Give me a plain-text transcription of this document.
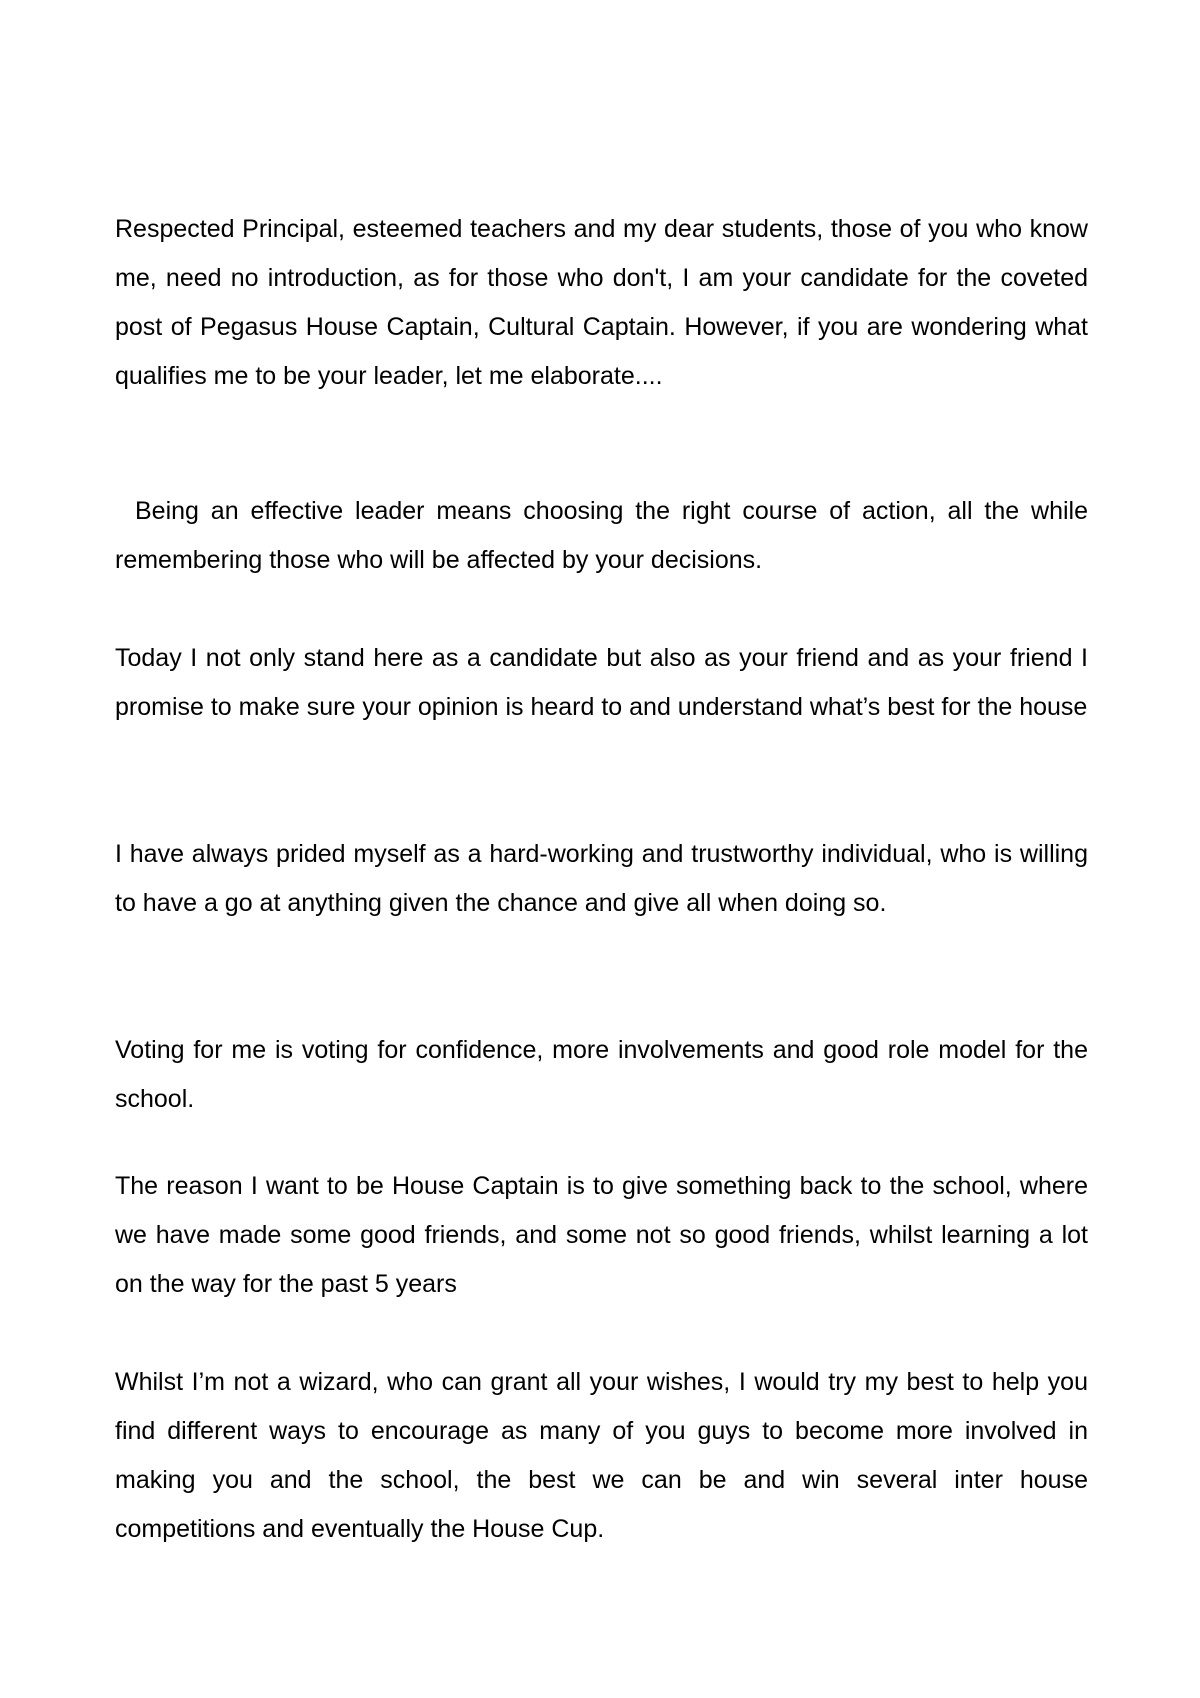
Respected Principal, esteemed teachers and my dear students, those of you who know me, need no introduction, as for those who don't, I am your candidate for the coveted post of Pegasus House Captain, Cultural Captain. However, if you are wondering what qualifies me to be your leader, let me elaborate....

Being an effective leader means choosing the right course of action, all the while remembering those who will be affected by your decisions.

Today I not only stand here as a candidate but also as your friend and as your friend I promise to make sure your opinion is heard to and understand what’s best for the house

I have always prided myself as a hard-working and trustworthy individual, who is willing to have a go at anything given the chance and give all when doing so.

Voting for me is voting for confidence, more involvements and good role model for the school.

The reason I want to be House Captain is to give something back to the school, where we have made some good friends, and some not so good friends, whilst learning a lot on the way for the past 5 years

Whilst I’m not a wizard, who can grant all your wishes, I would try my best to help you find different ways to encourage as many of you guys to become more involved in making you and the school, the best we can be and win several inter house competitions and eventually the House Cup.
